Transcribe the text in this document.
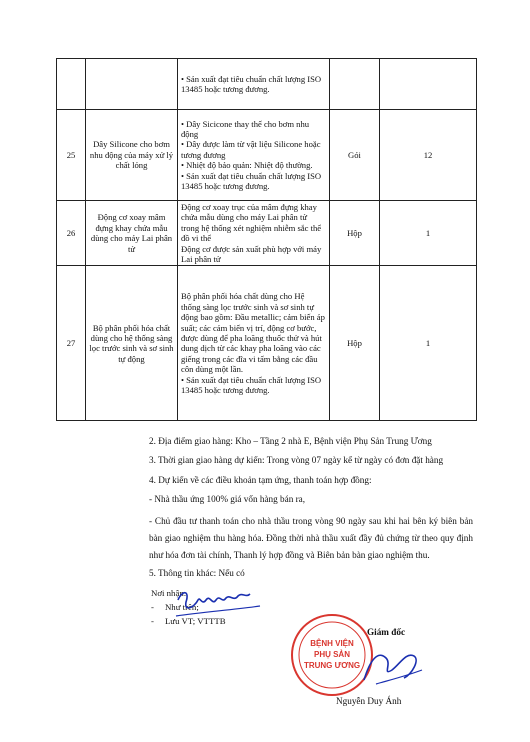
		• Sản xuất đạt tiêu chuẩn chất lượng ISO 13485 hoặc tương đương.		

25	Dây Silicone cho bơm nhu động của máy xử lý chất lỏng	• Dây Sicicone thay thế cho bơm nhu động
• Dây được làm từ vật liệu Silicone hoặc tương đương
• Nhiệt độ bảo quản: Nhiệt độ thường.
• Sản xuất đạt tiêu chuẩn chất lượng ISO 13485 hoặc tương đương.	Gói	12
26	Động cơ xoay mâm đựng khay chứa mẫu dùng cho máy Lai phân tử	Động cơ xoay trục của mâm đựng khay chứa mẫu dùng cho máy Lai phân tử trong hệ thống xét nghiệm nhiễm sắc thể đồ vi thể
Động cơ được sản xuất phù hợp với máy Lai phân tử	Hộp	1
27	Bộ phân phối hóa chất dùng cho hệ thống sàng lọc trước sinh và sơ sinh tự động	Bộ phân phối hóa chất dùng cho Hệ thống sàng lọc trước sinh và sơ sinh tự động bao gồm: Đầu metallic; cảm biến áp suất; các cảm biến vị trí, động cơ bước, được dùng để pha loãng thuốc thử và hút dung dịch từ các khay pha loãng vào các giếng trong các đĩa vi tấm bằng các đầu côn dùng một lần.
• Sản xuất đạt tiêu chuẩn chất lượng ISO 13485 hoặc tương đương.	Hộp	1
2. Địa điểm giao hàng: Kho – Tầng 2 nhà E, Bệnh viện Phụ Sản Trung Ương
3. Thời gian giao hàng dự kiến: Trong vòng 07 ngày kể từ ngày có đơn đặt hàng
4. Dự kiến về các điều khoản tạm ứng, thanh toán hợp đồng:
- Nhà thầu ứng 100% giá vốn hàng bán ra,
- Chủ đầu tư thanh toán cho nhà thầu trong vòng 90 ngày sau khi hai bên ký biên bản bàn giao nghiệm thu hàng hóa. Đồng thời nhà thầu xuất đầy đủ chứng từ theo quy định như hóa đơn tài chính, Thanh lý hợp đồng và Biên bản bàn giao nghiệm thu.
5. Thông tin khác: Nếu có
Nơi nhận:
-     Như trên;
-     Lưu VT; VTTTB
Giám đốc
BỆNH VIỆN
PHỤ SẢN
TRUNG ƯƠNG
Nguyễn Duy Ánh
